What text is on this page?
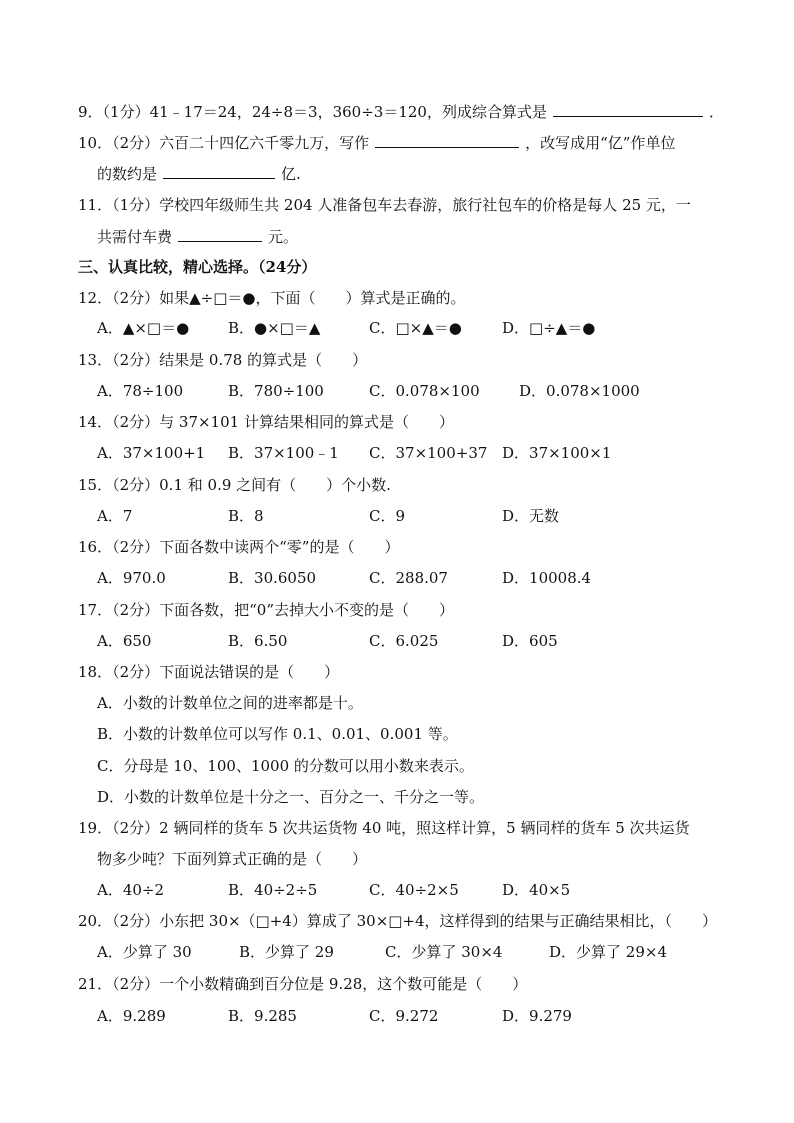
9．（1分）41﹣17＝24，24÷8＝3，360÷3＝120，列成综合算式是	．
10．（2分）六百二十四亿六千零九万，写作	，改写成用“亿”作单位
的数约是	亿.
11．（1分）学校四年级师生共 204 人准备包车去春游，旅行社包车的价格是每人 25 元，一
共需付车费	元。
三、认真比较，精心选择。（24分）
12．（2分）如果▲÷□＝●，下面（　　）算式是正确的。
A．▲×□＝●	B．●×□＝▲	C．□×▲＝●	D．□÷▲＝●
13．（2分）结果是 0.78 的算式是（　　）
A．78÷100	B．780÷100	C．0.078×100	D．0.078×1000
14．（2分）与 37×101 计算结果相同的算式是（　　）
A．37×100+1 B．37×100﹣1 C．37×100+37 D．37×100×1
15．（2分）0.1 和 0.9 之间有（　　）个小数.
A．7	B．8	C．9	D．无数
16．（2分）下面各数中读两个“零”的是（　　）
A．970.0	B．30.6050	C．288.07	D．10008.4
17．（2分）下面各数，把“0”去掉大小不变的是（　　）
A．650	B．6.50	C．6.025	D．605
18．（2分）下面说法错误的是（　　）
A．小数的计数单位之间的进率都是十。
B．小数的计数单位可以写作 0.1、0.01、0.001 等。
C．分母是 10、100、1000 的分数可以用小数来表示。
D．小数的计数单位是十分之一、百分之一、千分之一等。
19．（2分）2 辆同样的货车 5 次共运货物 40 吨，照这样计算，5 辆同样的货车 5 次共运货
物多少吨？下面列算式正确的是（　　）
A．40÷2	B．40÷2÷5	C．40÷2×5	D．40×5
20．（2分）小东把 30×（□+4）算成了 30×□+4，这样得到的结果与正确结果相比，（　　）
A．少算了 30	B．少算了 29	C．少算了 30×4	D．少算了 29×4
21．（2分）一个小数精确到百分位是 9.28，这个数可能是（　　）
A．9.289	B．9.285	C．9.272	D．9.279
